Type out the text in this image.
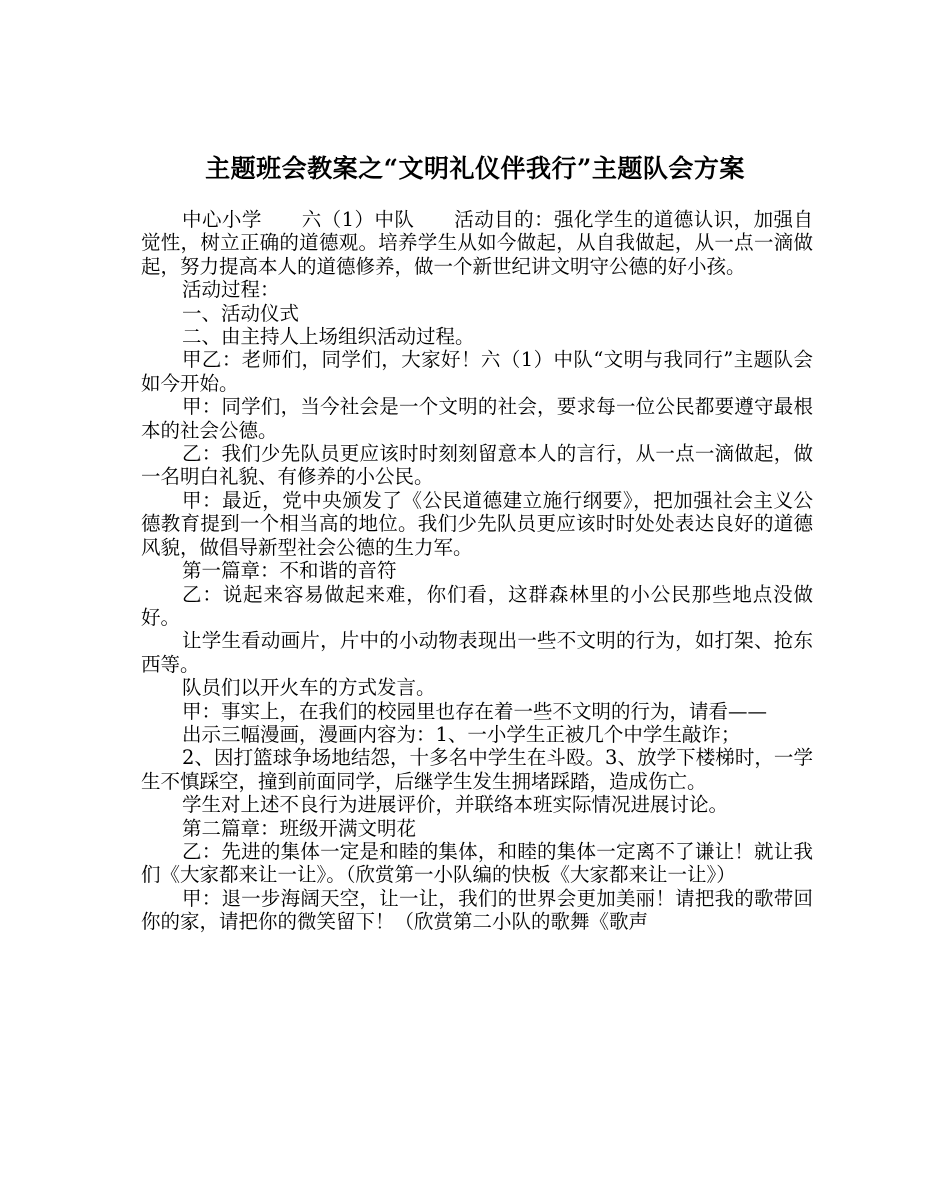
主题班会教案之“文明礼仪伴我行”主题队会方案

中心小学　　六（1）中队　　活动目的：强化学生的道德认识，加强自觉性，树立正确的道德观。培养学生从如今做起，从自我做起，从一点一滴做起，努力提高本人的道德修养，做一个新世纪讲文明守公德的好小孩。

活动过程：

一、活动仪式

二、由主持人上场组织活动过程。

甲乙：老师们，同学们，大家好！六（1）中队“文明与我同行”主题队会如今开始。

甲：同学们，当今社会是一个文明的社会，要求每一位公民都要遵守最根本的社会公德。

乙：我们少先队员更应该时时刻刻留意本人的言行，从一点一滴做起，做一名明白礼貌、有修养的小公民。

甲：最近，党中央颁发了《公民道德建立施行纲要》，把加强社会主义公德教育提到一个相当高的地位。我们少先队员更应该时时处处表达良好的道德风貌，做倡导新型社会公德的生力军。

第一篇章：不和谐的音符

乙：说起来容易做起来难，你们看，这群森林里的小公民那些地点没做好。

让学生看动画片，片中的小动物表现出一些不文明的行为，如打架、抢东西等。

队员们以开火车的方式发言。

甲：事实上，在我们的校园里也存在着一些不文明的行为，请看——

出示三幅漫画，漫画内容为：1、一小学生正被几个中学生敲诈；

2、因打篮球争场地结怨，十多名中学生在斗殴。3、放学下楼梯时，一学生不慎踩空，撞到前面同学，后继学生发生拥堵踩踏，造成伤亡。

学生对上述不良行为进展评价，并联络本班实际情况进展讨论。

第二篇章：班级开满文明花

乙：先进的集体一定是和睦的集体，和睦的集体一定离不了谦让！就让我们《大家都来让一让》。（欣赏第一小队编的快板《大家都来让一让》）

甲：退一步海阔天空，让一让，我们的世界会更加美丽！请把我的歌带回你的家，请把你的微笑留下！（欣赏第二小队的歌舞《歌声
